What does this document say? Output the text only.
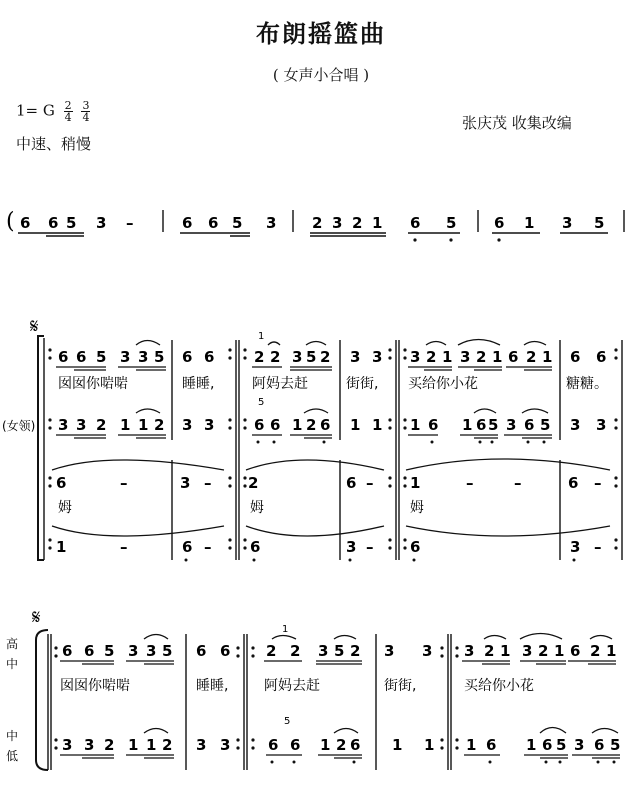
布朗摇篮曲
( 女声小合唱 )
1= G $\frac{2}{4}$
$\frac{3}{4}$
中速、稍慢
张庆茂 收集改编
( 6 6 5 3 –	6 6 5 3 2 3 2 1 6 5	6 1 3 5
𝄋
(女领)
6 6 5 3 3 5 6 6	2 2 3 5 2 3 3 3 2 1 3 2 1 6 2 1 6 6
1
囡囡你啱啱	睡睡,	阿妈去赶	街街, 买给你小花	糖糖。
5
3 3 2 1 1 2 3 3	6 6 1 2 6 1 1 1 6 1 6 5 3 6 5 3 3
6	–	3 – 2	6 – 1	–	–	6 –
姆	姆	姆
1	–	6 –	6	3 – 6	3 –
𝄋
高
中
中
低
1
6 6 5 3 3 5 6 6 2 2 3 5 2 3 3 3 2 1 3 2 1 6 2 1
囡囡你啱啱	睡睡,	阿妈去赶	街街,	买给你小花
5
3 3 2 1 1 2 3 3	6 6 1 2 6 1 1 1 6 1 6 5 3 6 5
